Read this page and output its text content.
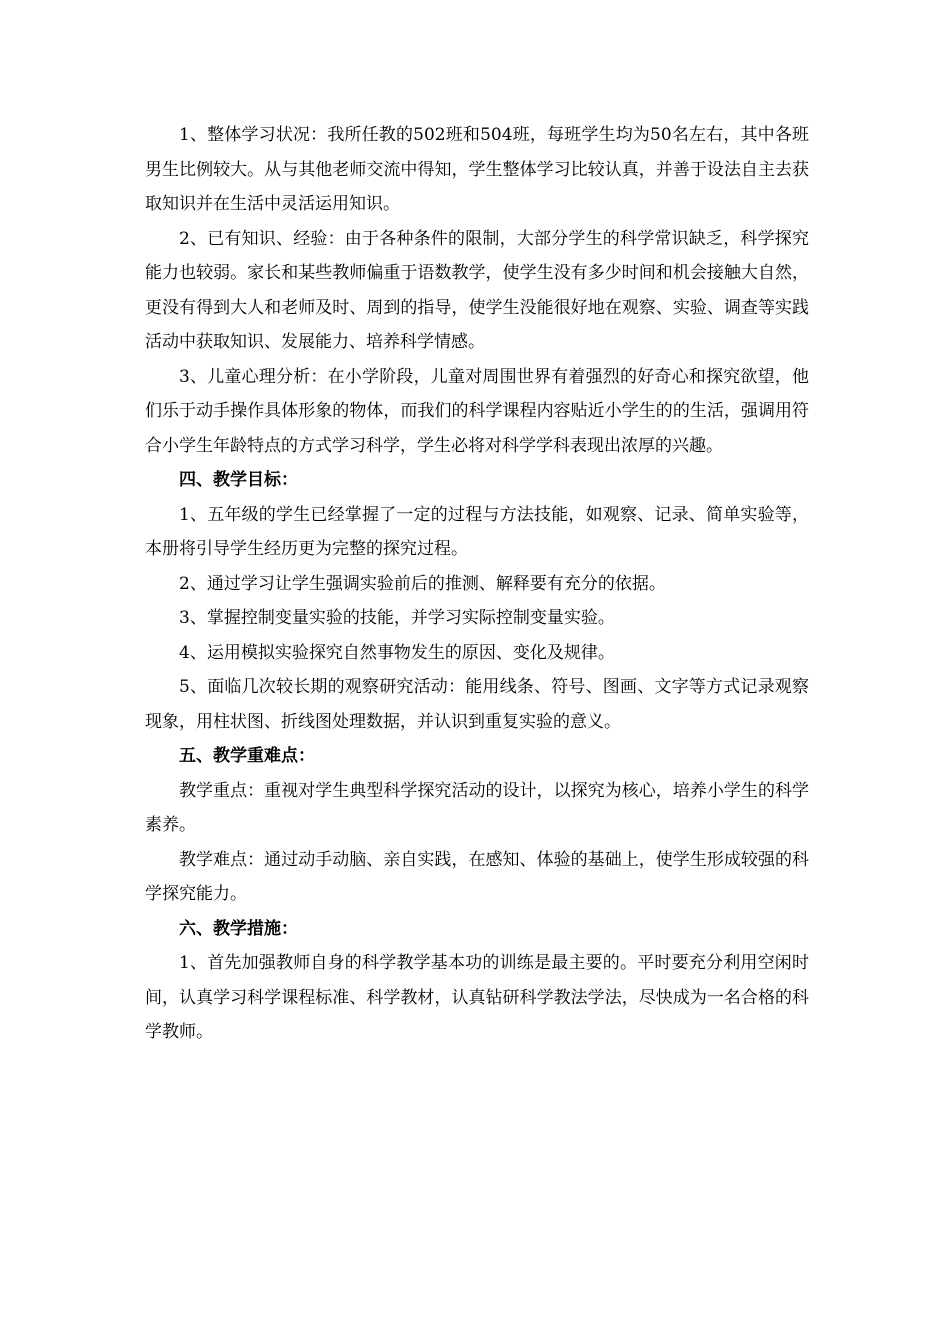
1、整体学习状况：我所任教的502班和504班，每班学生均为50名左右，其中各班男生比例较大。从与其他老师交流中得知，学生整体学习比较认真，并善于设法自主去获取知识并在生活中灵活运用知识。

2、已有知识、经验：由于各种条件的限制，大部分学生的科学常识缺乏，科学探究能力也较弱。家长和某些教师偏重于语数教学，使学生没有多少时间和机会接触大自然，更没有得到大人和老师及时、周到的指导，使学生没能很好地在观察、实验、调查等实践活动中获取知识、发展能力、培养科学情感。

3、儿童心理分析：在小学阶段，儿童对周围世界有着强烈的好奇心和探究欲望，他们乐于动手操作具体形象的物体，而我们的科学课程内容贴近小学生的的生活，强调用符合小学生年龄特点的方式学习科学，学生必将对科学学科表现出浓厚的兴趣。

四、教学目标：

1、五年级的学生已经掌握了一定的过程与方法技能，如观察、记录、简单实验等，本册将引导学生经历更为完整的探究过程。

2、通过学习让学生强调实验前后的推测、解释要有充分的依据。

3、掌握控制变量实验的技能，并学习实际控制变量实验。

4、运用模拟实验探究自然事物发生的原因、变化及规律。

5、面临几次较长期的观察研究活动：能用线条、符号、图画、文字等方式记录观察现象，用柱状图、折线图处理数据，并认识到重复实验的意义。

五、教学重难点：

教学重点：重视对学生典型科学探究活动的设计，以探究为核心，培养小学生的科学素养。

教学难点：通过动手动脑、亲自实践，在感知、体验的基础上，使学生形成较强的科学探究能力。

六、教学措施：

1、首先加强教师自身的科学教学基本功的训练是最主要的。平时要充分利用空闲时间，认真学习科学课程标准、科学教材，认真钻研科学教法学法，尽快成为一名合格的科学教师。
